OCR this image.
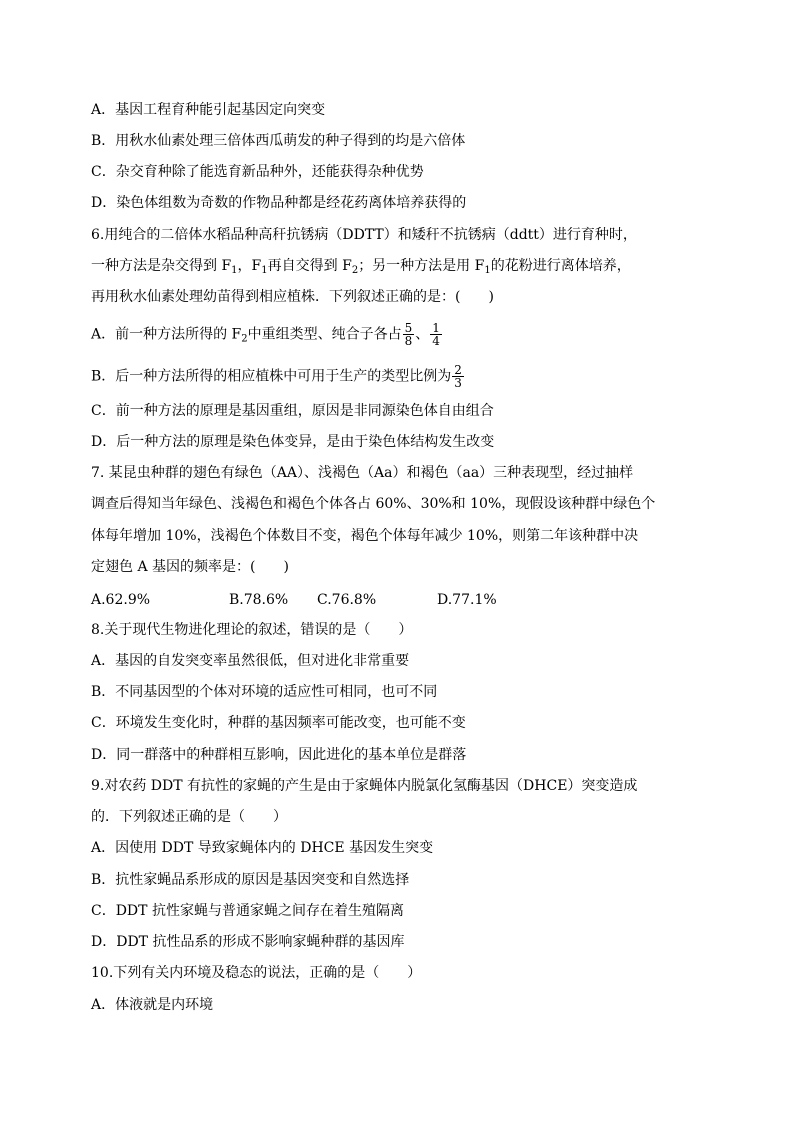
A．基因工程育种能引起基因定向突变
B．用秋水仙素处理三倍体西瓜萌发的种子得到的均是六倍体
C．杂交育种除了能选育新品种外，还能获得杂种优势
D．染色体组数为奇数的作物品种都是经花药离体培养获得的
6.用纯合的二倍体水稻品种高秆抗锈病（DDTT）和矮秆不抗锈病（ddtt）进行育种时，
一种方法是杂交得到 $F_1$，$F_1$再自交得到 $F_2$；另一种方法是用 $F_1$的花粉进行离体培养，
再用秋水仙素处理幼苗得到相应植株．下列叙述正确的是：(　　)
A．前一种方法所得的 $F_2$中重组类型、纯合子各占 $\frac{5}{8}$ 、 $\frac{1}{4}$
B．后一种方法所得的相应植株中可用于生产的类型比例为 $\frac{2}{3}$
C．前一种方法的原理是基因重组，原因是非同源染色体自由组合
D．后一种方法的原理是染色体变异，是由于染色体结构发生改变
7. 某昆虫种群的翅色有绿色（AA）、浅褐色（Aa）和褐色（aa）三种表现型，经过抽样
调查后得知当年绿色、浅褐色和褐色个体各占 60%、30%和 10%，现假设该种群中绿色个
体每年增加 10%，浅褐色个体数目不变，褐色个体每年减少 10%，则第二年该种群中决
定翅色 A 基因的频率是：(　　)
A.62.9%	B.78.6% C.76.8%	D.77.1%
8.关于现代生物进化理论的叙述，错误的是（　　）
A．基因的自发突变率虽然很低，但对进化非常重要
B．不同基因型的个体对环境的适应性可相同，也可不同
C．环境发生变化时，种群的基因频率可能改变，也可能不变
D．同一群落中的种群相互影响，因此进化的基本单位是群落
9.对农药 DDT 有抗性的家蝇的产生是由于家蝇体内脱氯化氢酶基因（DHCE）突变造成
的．下列叙述正确的是（　　）
A．因使用 DDT 导致家蝇体内的 DHCE 基因发生突变
B．抗性家蝇品系形成的原因是基因突变和自然选择
C．DDT 抗性家蝇与普通家蝇之间存在着生殖隔离
D．DDT 抗性品系的形成不影响家蝇种群的基因库
10.下列有关内环境及稳态的说法，正确的是（　　）
A．体液就是内环境
